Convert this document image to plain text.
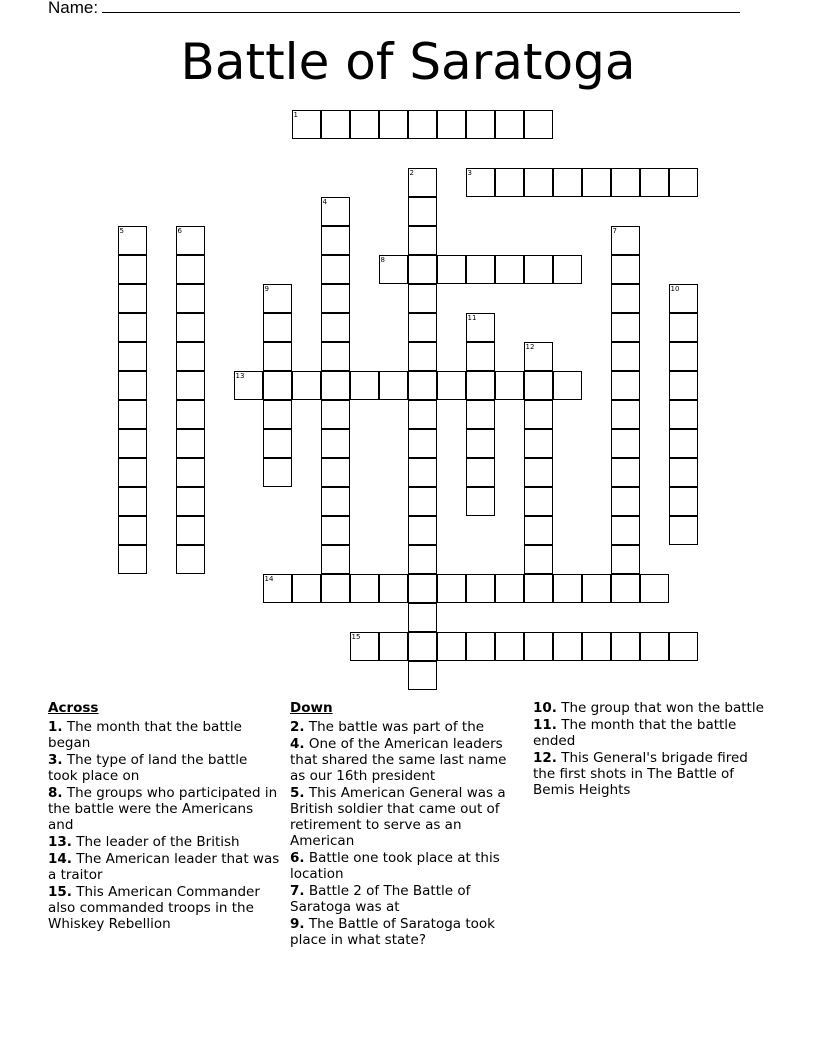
Name:
Battle of Saratoga
1
2	3
4
5	6	7
8
9	10
11
12
13
14
15
Across
1. The month that the battle began
3. The type of land the battle took place on
8. The groups who participated in the battle were the Americans and
13. The leader of the British
14. The American leader that was a traitor
15. This American Commander also commanded troops in the Whiskey Rebellion
Down
2. The battle was part of the
4. One of the American leaders that shared the same last name as our 16th president
5. This American General was a British soldier that came out of retirement to serve as an American
6. Battle one took place at this location
7. Battle 2 of The Battle of Saratoga was at
9. The Battle of Saratoga took place in what state?
10. The group that won the battle
11. The month that the battle ended
12. This General's brigade fired the first shots in The Battle of Bemis Heights
